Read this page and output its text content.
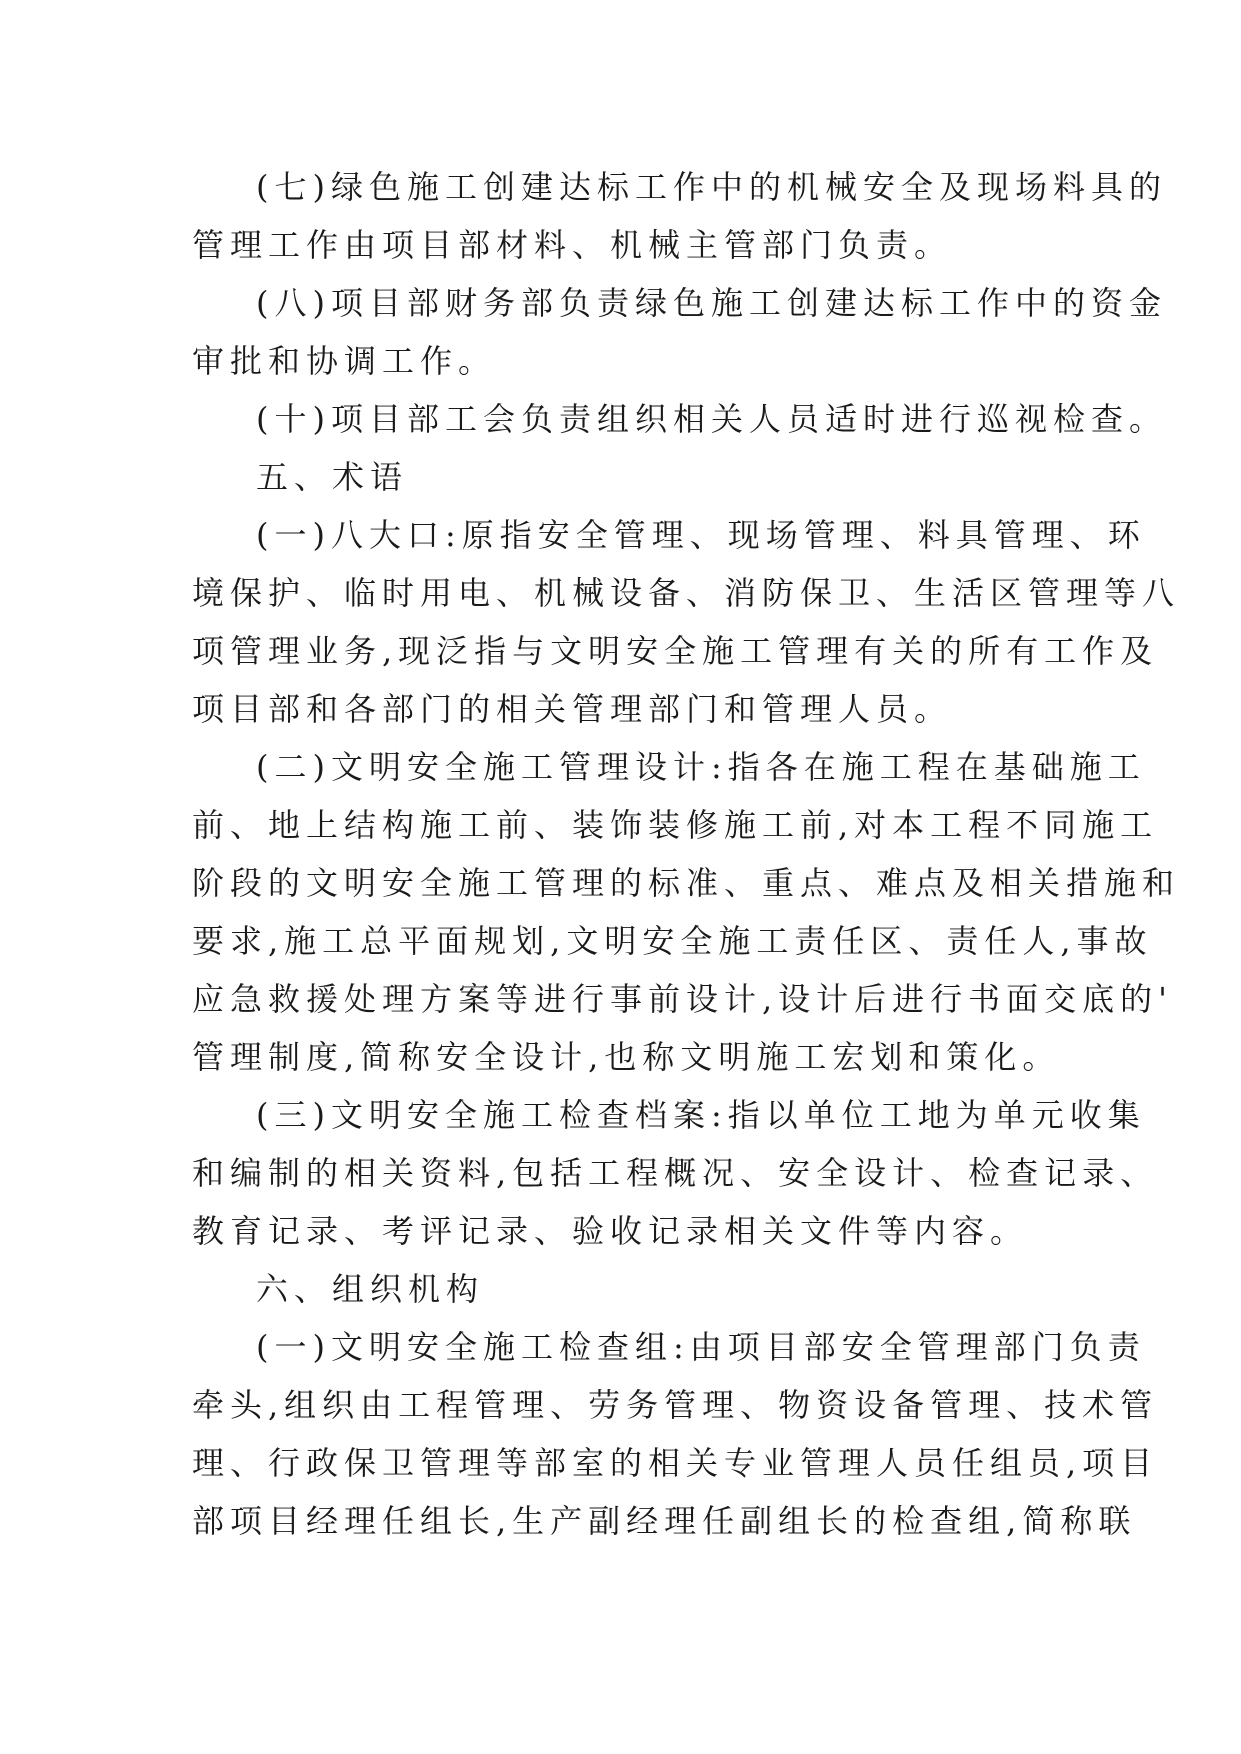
(七)绿色施工创建达标工作中的机械安全及现场料具的
管理工作由项目部材料、机械主管部门负责。
(八)项目部财务部负责绿色施工创建达标工作中的资金
审批和协调工作。
(十)项目部工会负责组织相关人员适时进行巡视检查。
五、术语
(一)八大口:原指安全管理、现场管理、料具管理、环
境保护、临时用电、机械设备、消防保卫、生活区管理等八
项管理业务,现泛指与文明安全施工管理有关的所有工作及
项目部和各部门的相关管理部门和管理人员。
(二)文明安全施工管理设计:指各在施工程在基础施工
前、地上结构施工前、装饰装修施工前,对本工程不同施工
阶段的文明安全施工管理的标准、重点、难点及相关措施和
要求,施工总平面规划,文明安全施工责任区、责任人,事故
应急救援处理方案等进行事前设计,设计后进行书面交底的'
管理制度,简称安全设计,也称文明施工宏划和策化。
(三)文明安全施工检查档案:指以单位工地为单元收集
和编制的相关资料,包括工程概况、安全设计、检查记录、
教育记录、考评记录、验收记录相关文件等内容。
六、组织机构
(一)文明安全施工检查组:由项目部安全管理部门负责
牵头,组织由工程管理、劳务管理、物资设备管理、技术管
理、行政保卫管理等部室的相关专业管理人员任组员,项目
部项目经理任组长,生产副经理任副组长的检查组,简称联
